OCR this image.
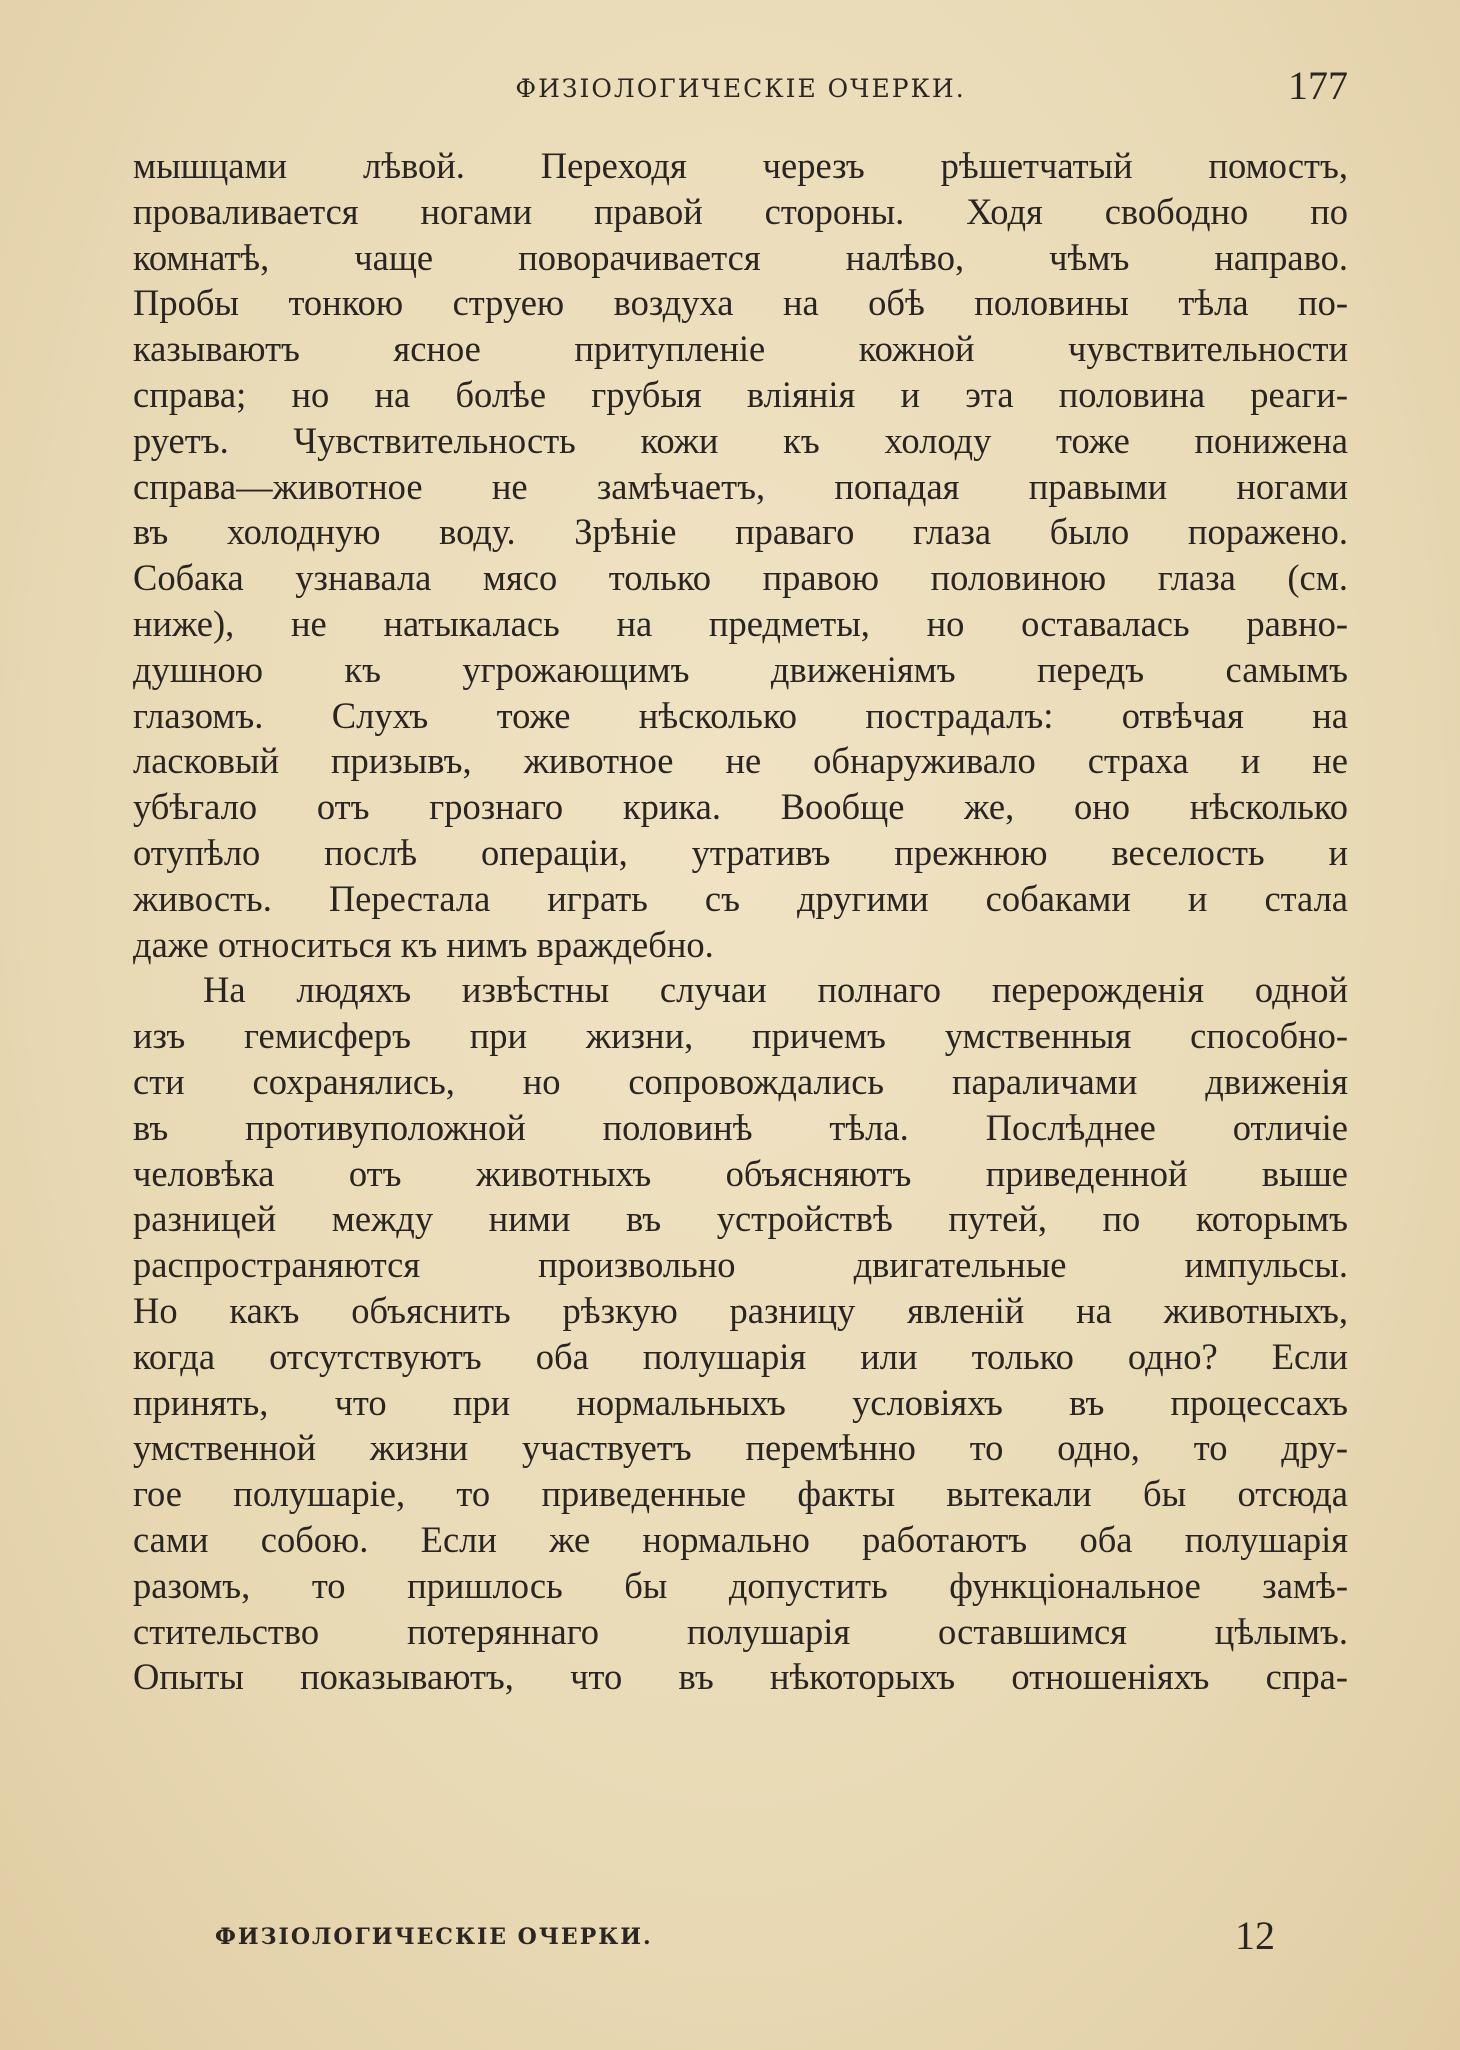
ФИЗІОЛОГИЧЕСКІЕ ОЧЕРКИ.	177
мышцами лѣвой. Переходя черезъ рѣшетчатый помостъ,
проваливается ногами правой стороны. Ходя свободно по
комнатѣ, чаще поворачивается налѣво, чѣмъ направо.
Пробы тонкою струею воздуха на обѣ половины тѣла по-
казываютъ ясное притупленіе кожной чувствительности
справа; но на болѣе грубыя вліянія и эта половина реаги-
руетъ. Чувствительность кожи къ холоду тоже понижена
справа—животное не замѣчаетъ, попадая правыми ногами
въ холодную воду. Зрѣніе праваго глаза было поражено.
Собака узнавала мясо только правою половиною глаза (см.
ниже), не натыкалась на предметы, но оставалась равно-
душною къ угрожающимъ движеніямъ передъ самымъ
глазомъ. Слухъ тоже нѣсколько пострадалъ: отвѣчая на
ласковый призывъ, животное не обнаруживало страха и не
убѣгало отъ грознаго крика. Вообще же, оно нѣсколько
отупѣло послѣ операціи, утративъ прежнюю веселость и
живость. Перестала играть съ другими собаками и стала
даже относиться къ нимъ враждебно.
На людяхъ извѣстны случаи полнаго перерожденія одной
изъ гемисферъ при жизни, причемъ умственныя способно-
сти сохранялись, но сопровождались параличами движенія
въ противуположной половинѣ тѣла. Послѣднее отличіе
человѣка отъ животныхъ объясняютъ приведенной выше
разницей между ними въ устройствѣ путей, по которымъ
распространяются произвольно двигательные импульсы.
Но какъ объяснить рѣзкую разницу явленій на животныхъ,
когда отсутствуютъ оба полушарія или только одно? Если
принять, что при нормальныхъ условіяхъ въ процессахъ
умственной жизни участвуетъ перемѣнно то одно, то дру-
гое полушаріе, то приведенные факты вытекали бы отсюда
сами собою. Если же нормально работаютъ оба полушарія
разомъ, то пришлось бы допустить функціональное замѣ-
стительство потеряннаго полушарія оставшимся цѣлымъ.
Опыты показываютъ, что въ нѣкоторыхъ отношеніяхъ спра-
ФИЗІОЛОГИЧЕСКІЕ ОЧЕРКИ.	12
